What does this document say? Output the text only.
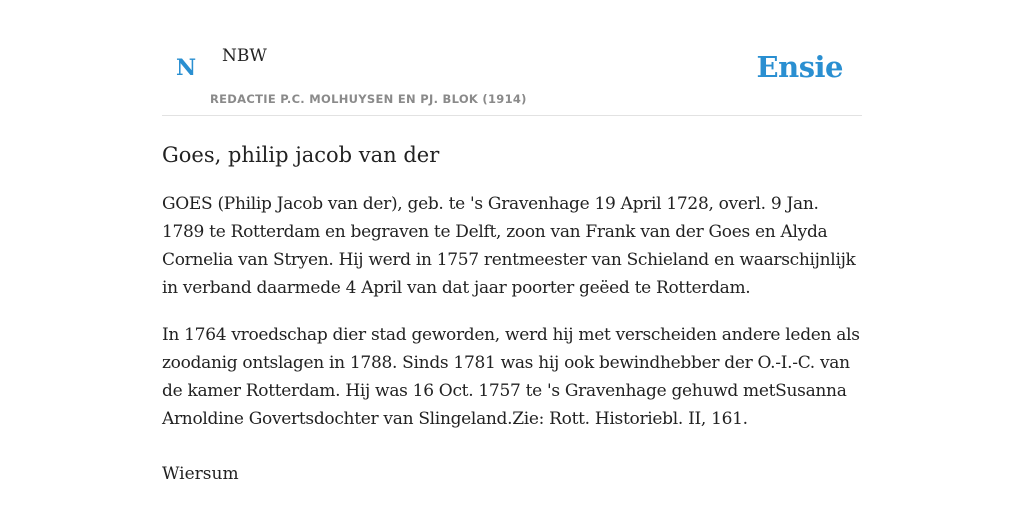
N NBW
REDACTIE P.C. MOLHUYSEN EN PJ. BLOK (1914)
Ensie
Goes, philip jacob van der

GOES (Philip Jacob van der), geb. te 's Gravenhage 19 April 1728, overl. 9 Jan. 1789 te Rotterdam en begraven te Delft, zoon van Frank van der Goes en Alyda Cornelia van Stryen. Hij werd in 1757 rentmeester van Schieland en waarschijnlijk in verband daarmede 4 April van dat jaar poorter geëed te Rotterdam.

In 1764 vroedschap dier stad geworden, werd hij met verscheiden andere leden als zoodanig ontslagen in 1788. Sinds 1781 was hij ook bewindhebber der O.-I.-C. van de kamer Rotterdam. Hij was 16 Oct. 1757 te 's Gravenhage gehuwd metSusanna Arnoldine Govertsdochter van Slingeland.Zie: Rott. Historiebl. II, 161.

Wiersum
